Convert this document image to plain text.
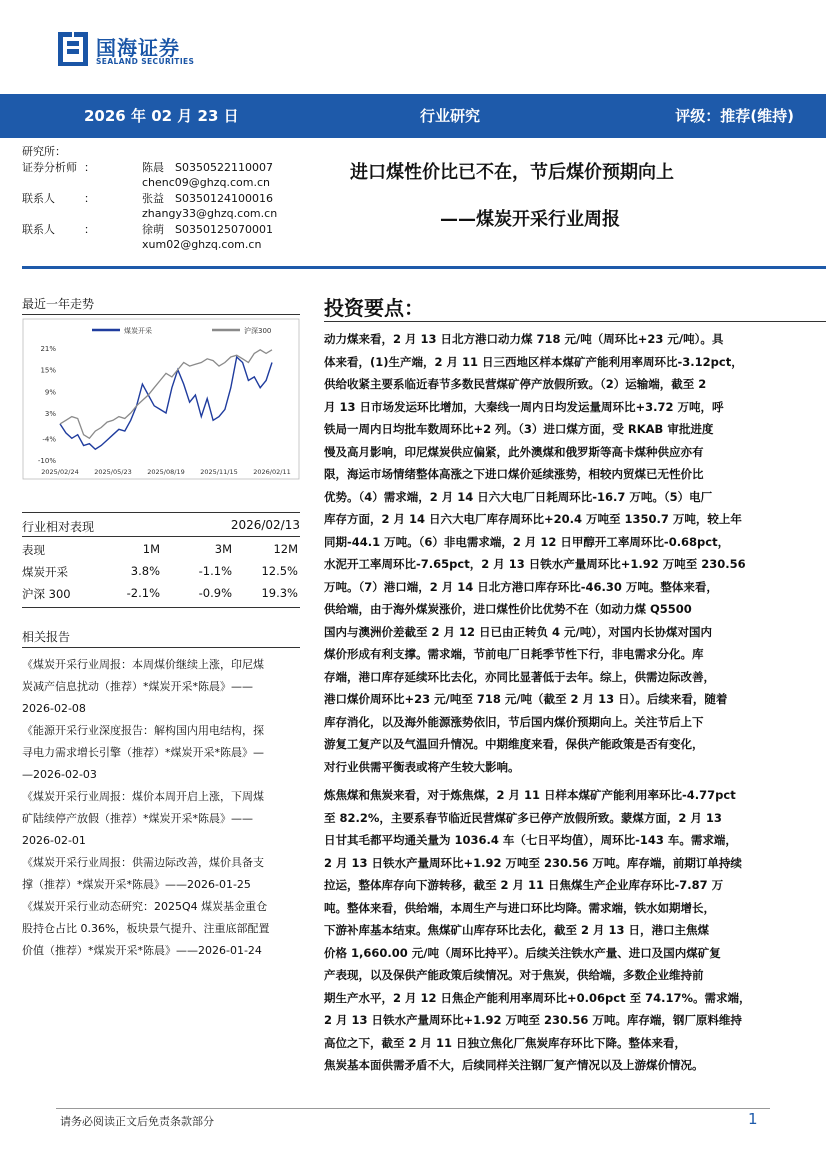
国海证券
SEALAND SECURITIES
2026 年 02 月 23 日	行业研究	评级：推荐(维持)
研究所：
证券分析师 ：	陈晨　S0350522110007
chenc09@ghzq.com.cn
联系人	：	张益　S0350124100016
zhangy33@ghzq.com.cn
联系人	：	徐萌　S0350125070001
xum02@ghzq.com.cn
进口煤性价比已不在，节后煤价预期向上
——煤炭开采行业周报
最近一年走势
21%
15%
9%
3%
-4%
-10%
2025/02/24 2025/05/23 2025/08/19 2025/11/15 2026/02/11
煤炭开采	沪深300
行业相对表现	2026/02/13
表现	1M	3M	12M
煤炭开采	3.8%	-1.1%	12.5%
沪深 300	-2.1%	-0.9%	19.3%
相关报告
《煤炭开采行业周报：本周煤价继续上涨，印尼煤
炭减产信息扰动（推荐）*煤炭开采*陈晨》——
2026-02-08
《能源开采行业深度报告：解构国内用电结构，探
寻电力需求增长引擎（推荐）*煤炭开采*陈晨》—
—2026-02-03
《煤炭开采行业周报：煤价本周开启上涨，下周煤
矿陆续停产放假（推荐）*煤炭开采*陈晨》——
2026-02-01
《煤炭开采行业周报：供需边际改善，煤价具备支
撑（推荐）*煤炭开采*陈晨》——2026-01-25
《煤炭开采行业动态研究：2025Q4 煤炭基金重仓
股持仓占比 0.36%，板块景气提升、注重底部配置
价值（推荐）*煤炭开采*陈晨》——2026-01-24
投资要点：
动力煤来看，2 月 13 日北方港口动力煤 718 元/吨（周环比+23 元/吨）。具
体来看，(1)生产端，2 月 11 日三西地区样本煤矿产能利用率周环比-3.12pct，
供给收紧主要系临近春节多数民营煤矿停产放假所致。（2）运输端，截至 2
月 13 日市场发运环比增加，大秦线一周内日均发运量周环比+3.72 万吨，呼
铁局一周内日均批车数周环比+2 列。（3）进口煤方面，受 RKAB 审批进度
慢及高月影响，印尼煤炭供应偏紧，此外澳煤和俄罗斯等高卡煤种供应亦有
限，海运市场情绪整体高涨之下进口煤价延续涨势，相较内贸煤已无性价比
优势。（4）需求端，2 月 14 日六大电厂日耗周环比-16.7 万吨。（5）电厂
库存方面，2 月 14 日六大电厂库存周环比+20.4 万吨至 1350.7 万吨，较上年
同期-44.1 万吨。（6）非电需求端，2 月 12 日甲醇开工率周环比-0.68pct，
水泥开工率周环比-7.65pct，2 月 13 日铁水产量周环比+1.92 万吨至 230.56
万吨。（7）港口端，2 月 14 日北方港口库存环比-46.30 万吨。整体来看，
供给端，由于海外煤炭涨价，进口煤性价比优势不在（如动力煤 Q5500
国内与澳洲价差截至 2 月 12 日已由正转负 4 元/吨），对国内长协煤对国内
煤价形成有利支撑。需求端，节前电厂日耗季节性下行，非电需求分化。库
存端，港口库存延续环比去化，亦同比显著低于去年。综上，供需边际改善，
港口煤价周环比+23 元/吨至 718 元/吨（截至 2 月 13 日）。后续来看，随着
库存消化，以及海外能源涨势依旧，节后国内煤价预期向上。关注节后上下
游复工复产以及气温回升情况。中期维度来看，保供产能政策是否有变化，
对行业供需平衡表或将产生较大影响。
炼焦煤和焦炭来看，对于炼焦煤，2 月 11 日样本煤矿产能利用率环比-4.77pct
至 82.2%，主要系春节临近民营煤矿多已停产放假所致。蒙煤方面，2 月 13
日甘其毛都平均通关量为 1036.4 车（七日平均值），周环比-143 车。需求端，
2 月 13 日铁水产量周环比+1.92 万吨至 230.56 万吨。库存端，前期订单持续
拉运，整体库存向下游转移，截至 2 月 11 日焦煤生产企业库存环比-7.87 万
吨。整体来看，供给端，本周生产与进口环比均降。需求端，铁水如期增长，
下游补库基本结束。焦煤矿山库存环比去化，截至 2 月 13 日，港口主焦煤
价格 1,660.00 元/吨（周环比持平）。后续关注铁水产量、进口及国内煤矿复
产表现，以及保供产能政策后续情况。对于焦炭，供给端，多数企业维持前
期生产水平，2 月 12 日焦企产能利用率周环比+0.06pct 至 74.17%。需求端，
2 月 13 日铁水产量周环比+1.92 万吨至 230.56 万吨。库存端，钢厂原料维持
高位之下，截至 2 月 11 日独立焦化厂焦炭库存环比下降。整体来看，
焦炭基本面供需矛盾不大，后续同样关注钢厂复产情况以及上游煤价情况。
请务必阅读正文后免责条款部分	1
